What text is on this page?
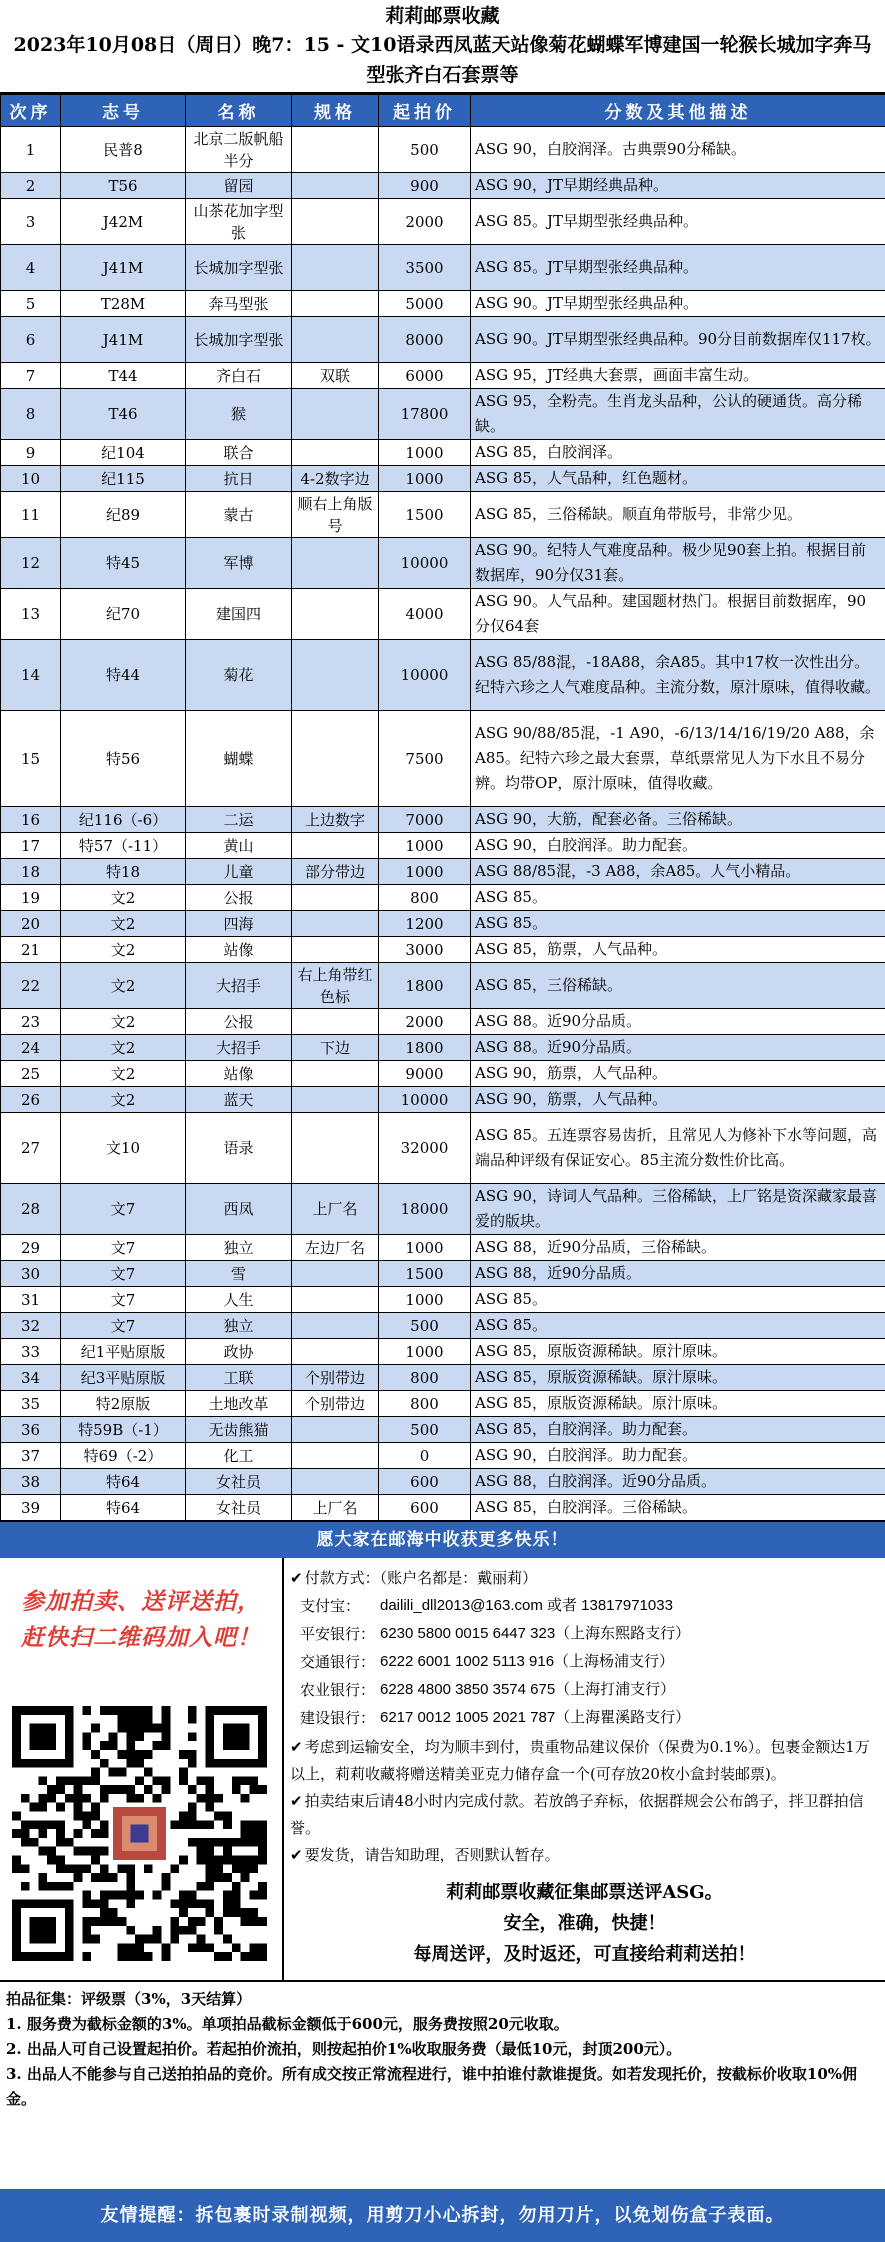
莉莉邮票收藏
2023年10月08日（周日）晚7：15 - 文10语录西凤蓝天站像菊花蝴蝶军博建国一轮猴长城加字奔马型张齐白石套票等
次序	志号	名称	规格	起拍价	分数及其他描述
1	民普8	北京二版帆船半分		500	ASG 90，白胶润泽。古典票90分稀缺。
2	T56	留园		900	ASG 90，JT早期经典品种。
3	J42M	山茶花加字型张		2000	ASG 85。JT早期型张经典品种。
4	J41M	长城加字型张		3500	ASG 85。JT早期型张经典品种。
5	T28M	奔马型张		5000	ASG 90。JT早期型张经典品种。
6	J41M	长城加字型张		8000	ASG 90。JT早期型张经典品种。90分目前数据库仅117枚。
7	T44	齐白石	双联	6000	ASG 95，JT经典大套票，画面丰富生动。
8	T46	猴		17800	ASG 95，全粉壳。生肖龙头品种，公认的硬通货。高分稀缺。
9	纪104	联合		1000	ASG 85，白胶润泽。
10	纪115	抗日	4-2数字边	1000	ASG 85，人气品种，红色题材。
11	纪89	蒙古	顺右上角版号	1500	ASG 85，三俗稀缺。顺直角带版号，非常少见。
12	特45	军博		10000	ASG 90。纪特人气难度品种。极少见90套上拍。根据目前数据库，90分仅31套。
13	纪70	建国四		4000	ASG 90。人气品种。建国题材热门。根据目前数据库，90分仅64套
14	特44	菊花		10000	ASG 85/88混，-18A88，余A85。其中17枚一次性出分。纪特六珍之人气难度品种。主流分数，原汁原味，值得收藏。
15	特56	蝴蝶		7500	ASG 90/88/85混，-1 A90，-6/13/14/16/19/20 A88，余A85。纪特六珍之最大套票，草纸票常见人为下水且不易分辨。均带OP，原汁原味，值得收藏。
16	纪116（-6）	二运	上边数字	7000	ASG 90，大筋，配套必备。三俗稀缺。
17	特57（-11）	黄山		1000	ASG 90，白胶润泽。助力配套。
18	特18	儿童	部分带边	1000	ASG 88/85混，-3 A88，余A85。人气小精品。
19	文2	公报		800	ASG 85。
20	文2	四海		1200	ASG 85。
21	文2	站像		3000	ASG 85，筋票，人气品种。
22	文2	大招手	右上角带红色标	1800	ASG 85，三俗稀缺。
23	文2	公报		2000	ASG 88。近90分品质。
24	文2	大招手	下边	1800	ASG 88。近90分品质。
25	文2	站像		9000	ASG 90，筋票，人气品种。
26	文2	蓝天		10000	ASG 90，筋票，人气品种。
27	文10	语录		32000	ASG 85。五连票容易齿折，且常见人为修补下水等问题，高端品种评级有保证安心。85主流分数性价比高。
28	文7	西凤	上厂名	18000	ASG 90，诗词人气品种。三俗稀缺，上厂铭是资深藏家最喜爱的版块。
29	文7	独立	左边厂名	1000	ASG 88，近90分品质，三俗稀缺。
30	文7	雪		1500	ASG 88，近90分品质。
31	文7	人生		1000	ASG 85。
32	文7	独立		500	ASG 85。
33	纪1平贴原版	政协		1000	ASG 85，原版资源稀缺。原汁原味。
34	纪3平贴原版	工联	个别带边	800	ASG 85，原版资源稀缺。原汁原味。
35	特2原版	土地改革	个别带边	800	ASG 85，原版资源稀缺。原汁原味。
36	特59B（-1）	无齿熊猫		500	ASG 85，白胶润泽。助力配套。
37	特69（-2）	化工		0	ASG 90，白胶润泽。助力配套。
38	特64	女社员		600	ASG 88，白胶润泽。近90分品质。
39	特64	女社员	上厂名	600	ASG 85，白胶润泽。三俗稀缺。
愿大家在邮海中收获更多快乐！
参加拍卖、送评送拍，
赶快扫二维码加入吧！
✔ 付款方式：（账户名都是：戴丽莉）
支付宝：	dailili_dll2013@163.com 或者 13817971033
平安银行： 6230 5800 0015 6447 323（上海东熙路支行）
交通银行： 6222 6001 1002 5113 916（上海杨浦支行）
农业银行： 6228 4800 3850 3574 675（上海打浦支行）
建设银行： 6217 0012 1005 2021 787（上海瞿溪路支行）
✔ 考虑到运输安全，均为顺丰到付，贵重物品建议保价（保费为0.1%）。包裹金额达1万以上，莉莉收藏将赠送精美亚克力储存盒一个(可存放20枚小盒封装邮票)。
✔ 拍卖结束后请48小时内完成付款。若放鸽子弃标，依据群规会公布鸽子，拌卫群拍信誉。
✔ 要发货，请告知助理，否则默认暂存。
莉莉邮票收藏征集邮票送评ASG。
安全，准确，快捷！
每周送评，及时返还，可直接给莉莉送拍！
拍品征集：评级票（3%，3天结算）
1. 服务费为截标金额的3%。单项拍品截标金额低于600元，服务费按照20元收取。
2. 出品人可自己设置起拍价。若起拍价流拍，则按起拍价1%收取服务费（最低10元，封顶200元）。
3. 出品人不能参与自己送拍拍品的竞价。所有成交按正常流程进行，谁中拍谁付款谁提货。如若发现托价，按截标价收取10%佣金。
友情提醒：拆包裹时录制视频，用剪刀小心拆封，勿用刀片，以免划伤盒子表面。
